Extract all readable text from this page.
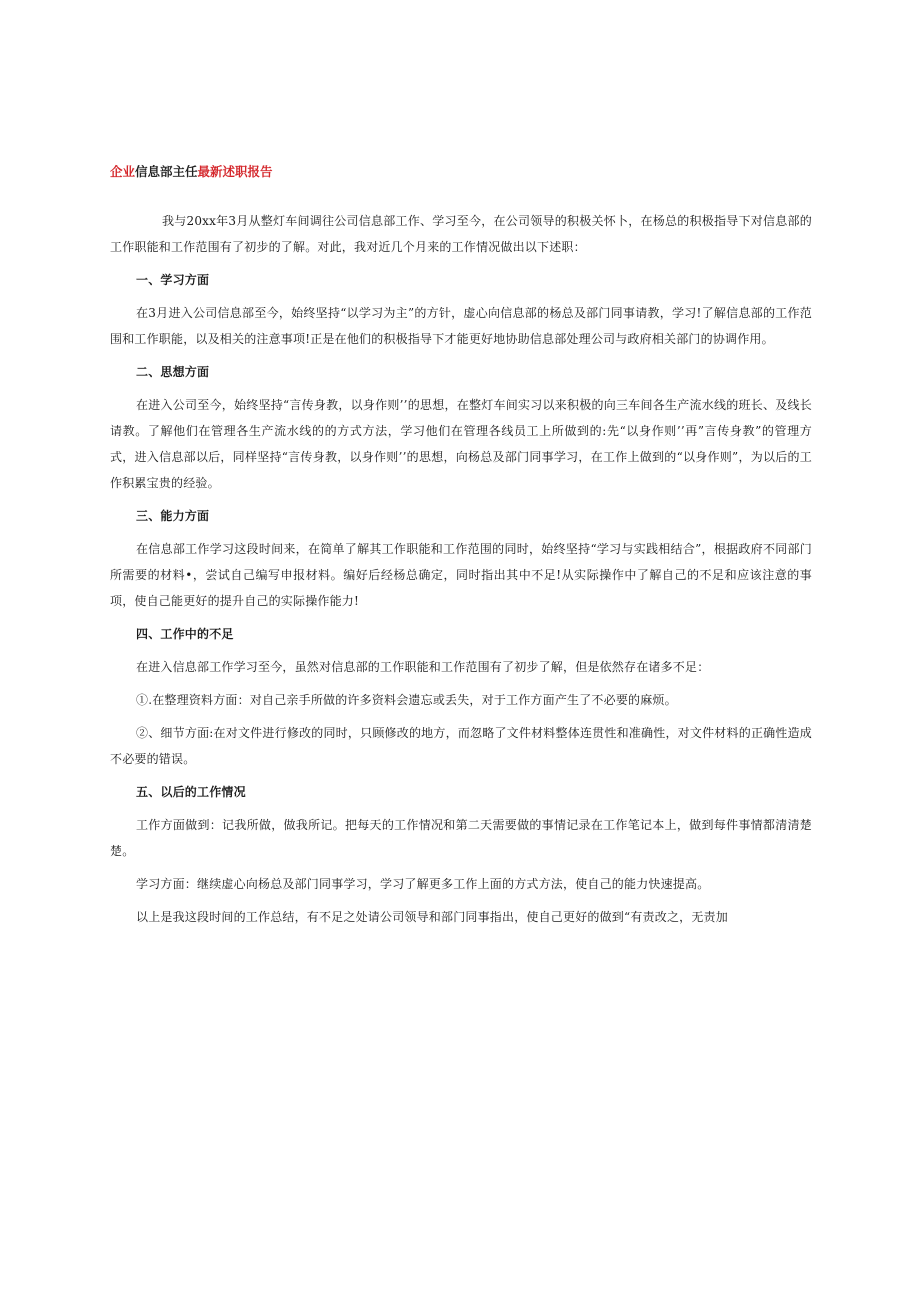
企业信息部主任最新述职报告

我与20xx年3月从整灯车间调往公司信息部工作、学习至今，在公司领导的积极关怀卜，在杨总的积极指导下对信息部的工作职能和工作范围有了初步的了解。对此，我对近几个月来的工作情况做出以下述职：

一、学习方面

在3月进入公司信息部至今，始终坚持“以学习为主”的方针，虚心向信息部的杨总及部门同事请教，学习!了解信息部的工作范围和工作职能，以及相关的注意事项!正是在他们的积极指导下才能更好地协助信息部处理公司与政府相关部门的协调作用。

二、思想方面

在进入公司至今，始终坚持“言传身教，以身作则’’的思想，在整灯车间实习以来积极的向三车间各生产流水线的班长、及线长请教。了解他们在管理各生产流水线的的方式方法，学习他们在管理各线员工上所做到的:先“以身作则’’再”言传身教”的管理方式，进入信息部以后，同样坚持“言传身教，以身作则’’的思想，向杨总及部门同事学习，在工作上做到的“以身作则”，为以后的工作积累宝贵的经验。

三、能力方面

在信息部工作学习这段时间来，在简单了解其工作职能和工作范围的同时，始终坚持“学习与实践相结合”，根据政府不同部门所需要的材料•，尝试自己编写申报材料。编好后经杨总确定，同时指出其中不足!从实际操作中了解自己的不足和应该注意的事项，使自己能更好的提升自己的实际操作能力!

四、工作中的不足

在进入信息部工作学习至今，虽然对信息部的工作职能和工作范围有了初步了解，但是依然存在诸多不足：

①.在整理资料方面：对自己亲手所做的许多资料会遗忘或丢失，对于工作方面产生了不必要的麻烦。

②、细节方面:在对文件进行修改的同时，只顾修改的地方，而忽略了文件材料整体连贯性和准确性，对文件材料的正确性造成不必要的错误。

五、以后的工作情况

工作方面做到：记我所做，做我所记。把每天的工作情况和第二天需要做的事情记录在工作笔记本上，做到每件事情都清清楚楚。

学习方面：继续虚心向杨总及部门同事学习，学习了解更多工作上面的方式方法，使自己的能力快速提高。

以上是我这段时间的工作总结，有不足之处请公司领导和部门同事指出，使自己更好的做到“有责改之，无责加
